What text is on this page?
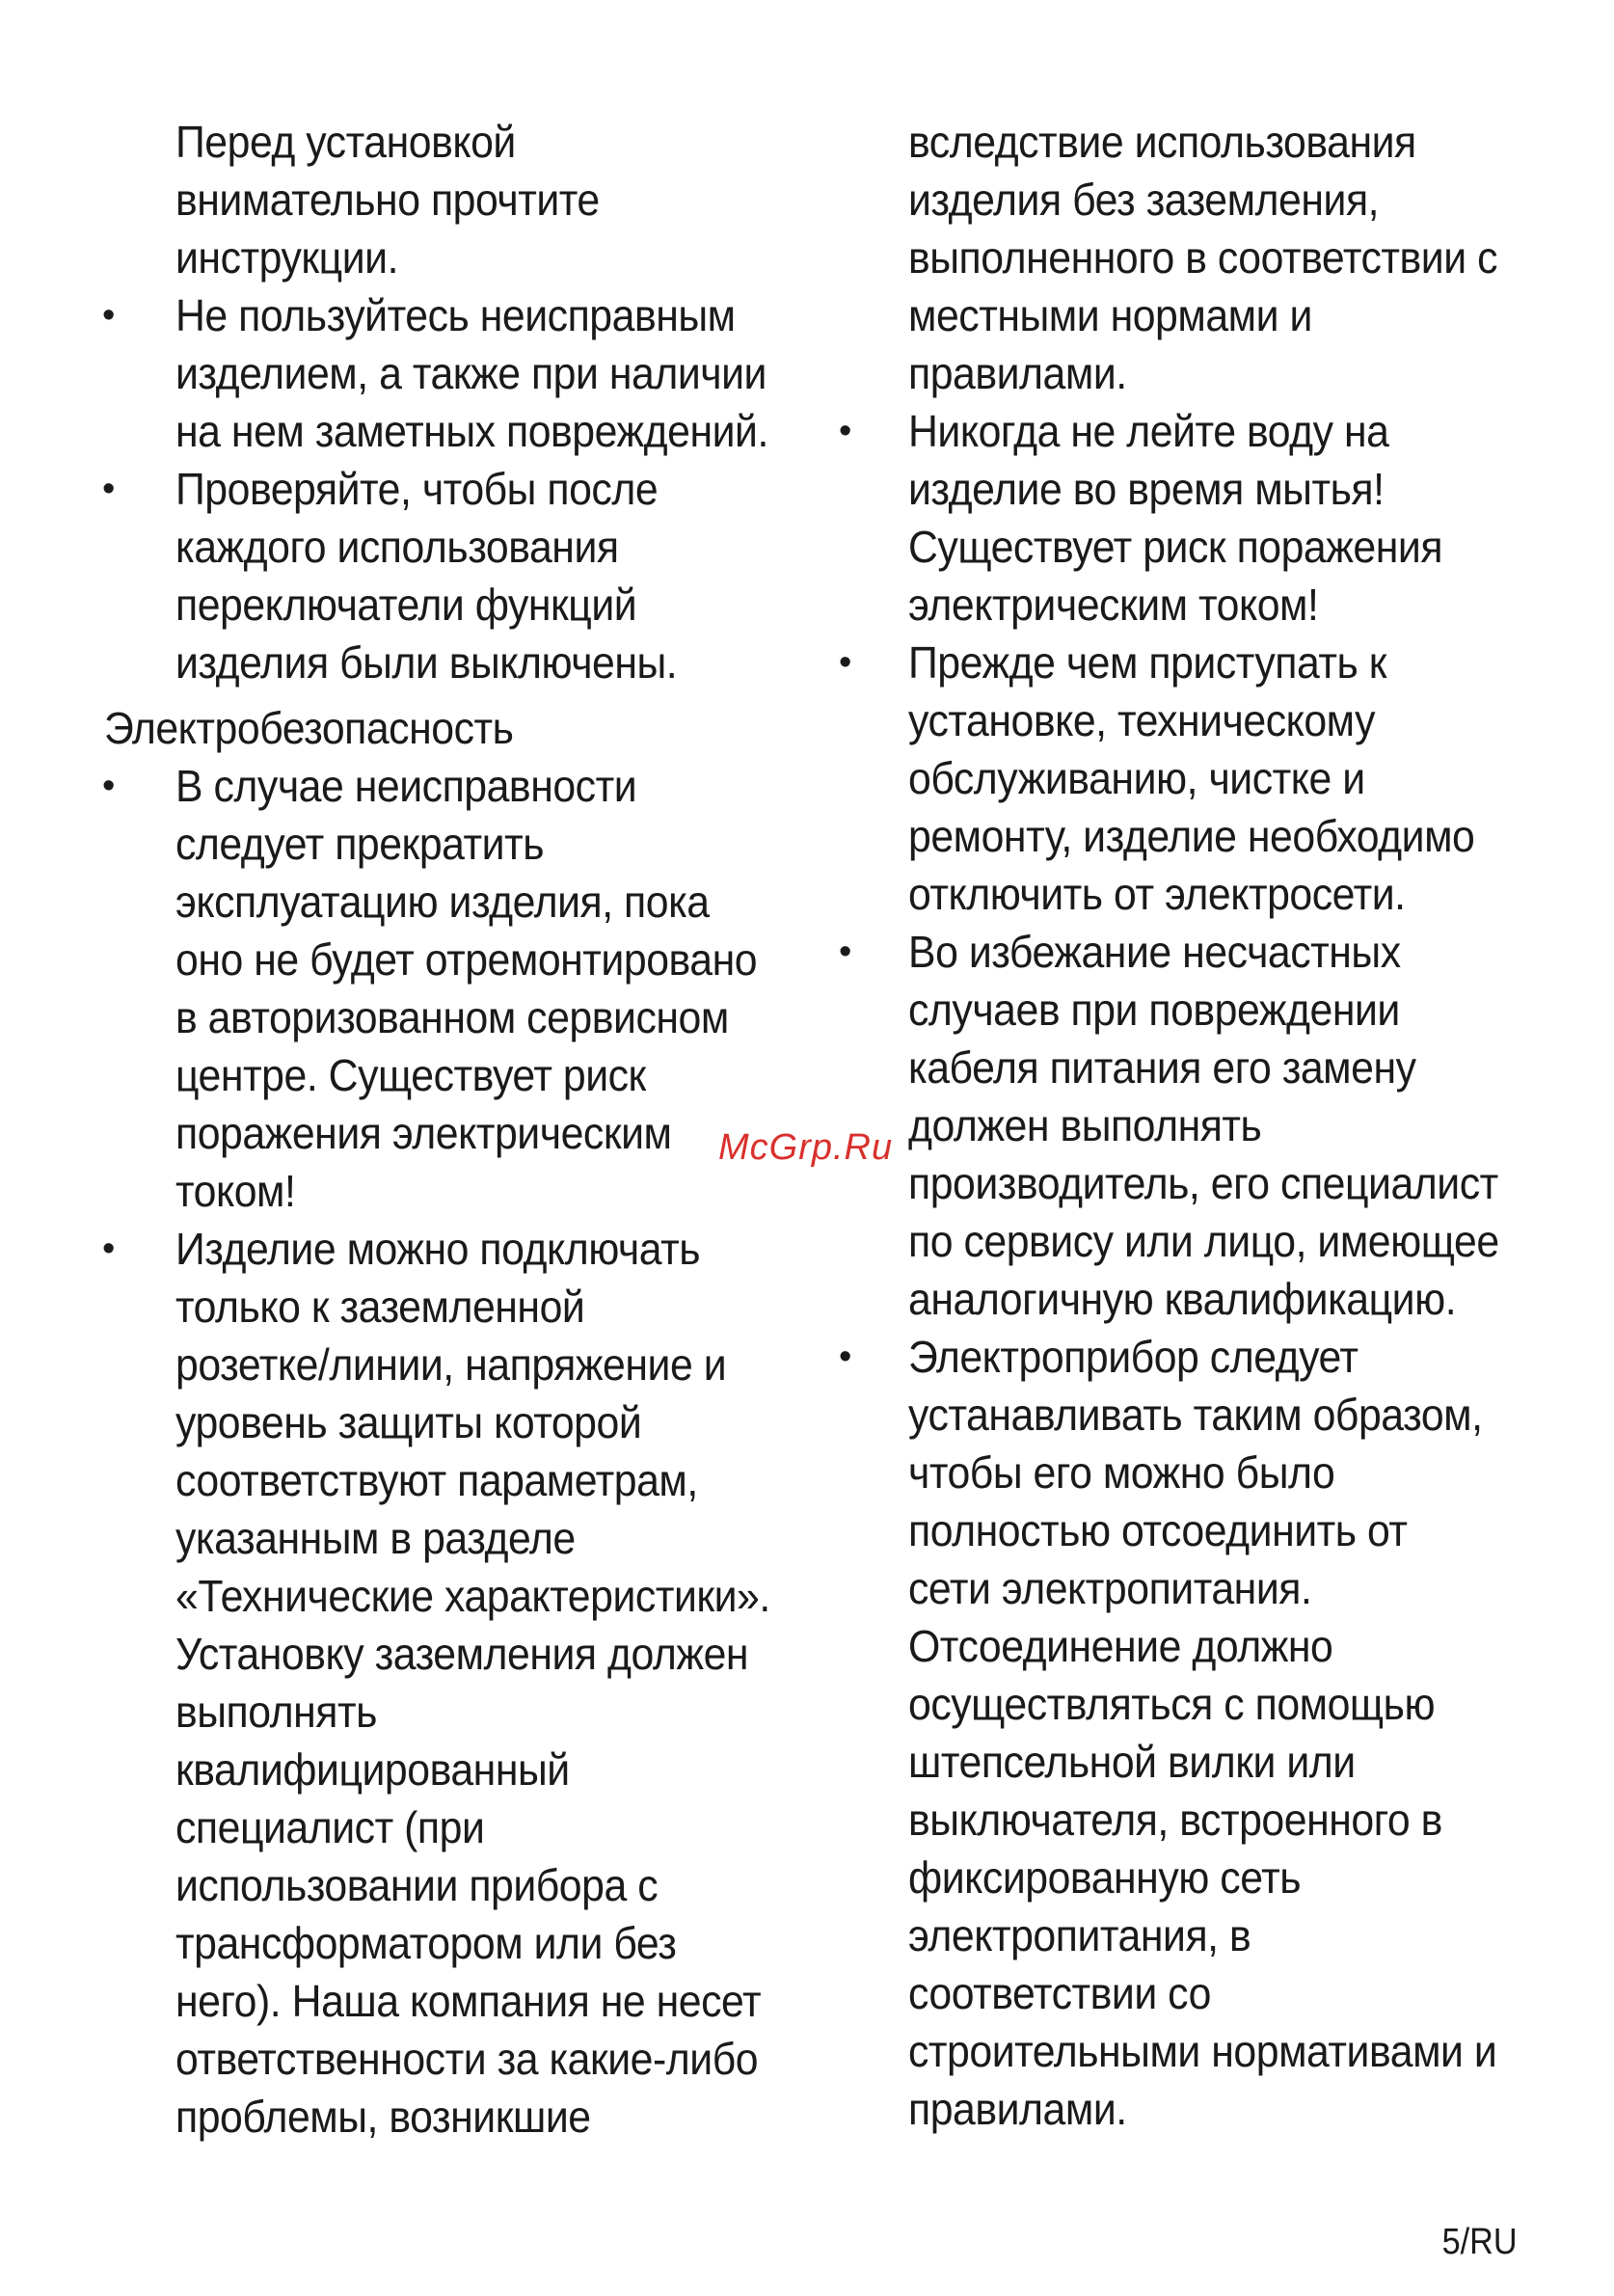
Перед установкой
внимательно прочтите
инструкции.
• Не пользуйтесь неисправным
изделием, а также при наличии
на нем заметных повреждений.
• Проверяйте, чтобы после
каждого использования
переключатели функций
изделия были выключены.
Электробезопасность
• В случае неисправности
следует прекратить
эксплуатацию изделия, пока
оно не будет отремонтировано
в авторизованном сервисном
центре. Существует риск
поражения электрическим
током!
• Изделие можно подключать
только к заземленной
розетке/линии, напряжение и
уровень защиты которой
соответствуют параметрам,
указанным в разделе
«Технические характеристики».
Установку заземления должен
выполнять
квалифицированный
специалист (при
использовании прибора с
трансформатором или без
него). Наша компания не несет
ответственности за какие-либо
проблемы, возникшие
вследствие использования
изделия без заземления,
выполненного в соответствии с
местными нормами и
правилами.
• Никогда не лейте воду на
изделие во время мытья!
Существует риск поражения
электрическим током!
• Прежде чем приступать к
установке, техническому
обслуживанию, чистке и
ремонту, изделие необходимо
отключить от электросети.
• Во избежание несчастных
случаев при повреждении
кабеля питания его замену
должен выполнять
производитель, его специалист
по сервису или лицо, имеющее
аналогичную квалификацию.
• Электроприбор следует
устанавливать таким образом,
чтобы его можно было
полностью отсоединить от
сети электропитания.
Отсоединение должно
осуществляться с помощью
штепсельной вилки или
выключателя, встроенного в
фиксированную сеть
электропитания, в
соответствии со
строительными нормативами и
правилами.
McGrp.Ru
5/RU
